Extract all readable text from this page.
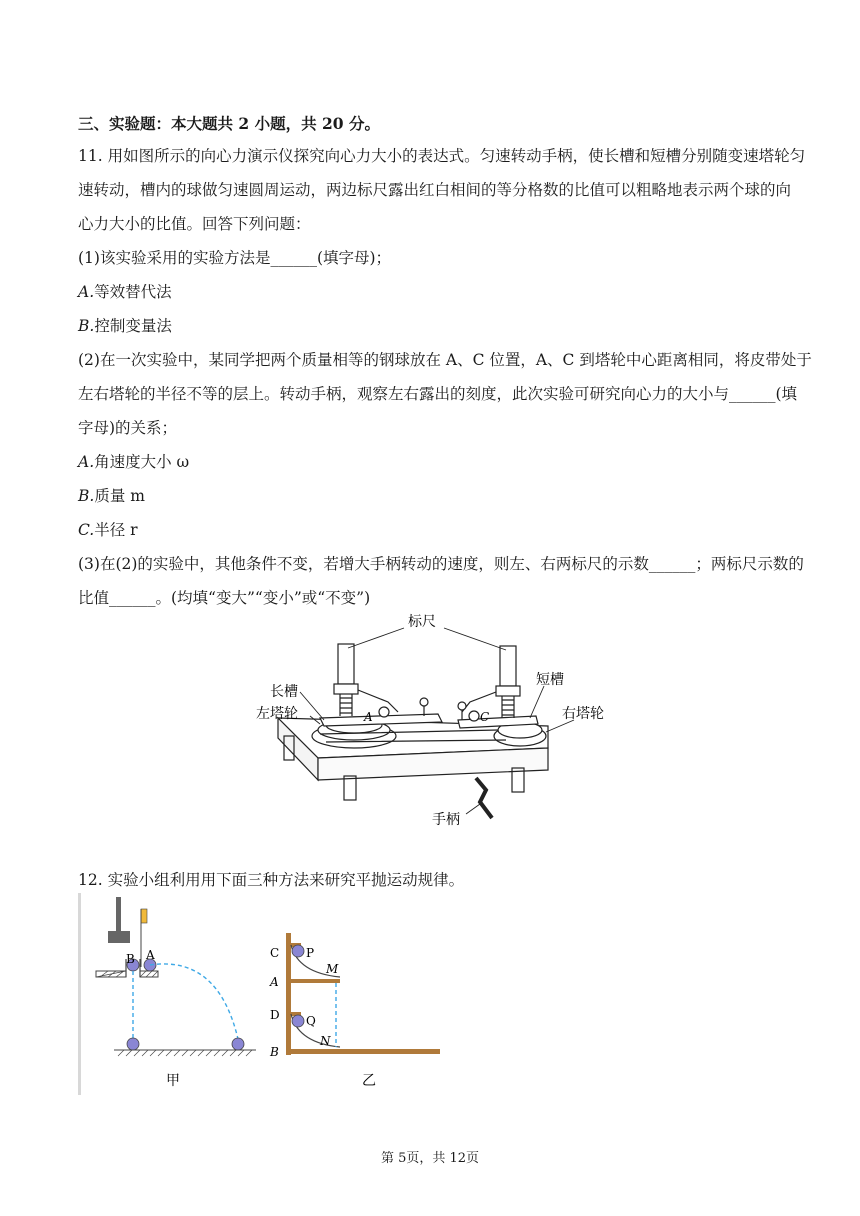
三、实验题：本大题共 2 小题，共 20 分。
11. 用如图所示的向心力演示仪探究向心力大小的表达式。匀速转动手柄，使长槽和短槽分别随变速塔轮匀
速转动，槽内的球做匀速圆周运动，两边标尺露出红白相间的等分格数的比值可以粗略地表示两个球的向
心力大小的比值。回答下列问题：
(1)该实验采用的实验方法是______(填字母)；
A.等效替代法
B.控制变量法
(2)在一次实验中，某同学把两个质量相等的钢球放在 A、C 位置，A、C 到塔轮中心距离相同，将皮带处于
左右塔轮的半径不等的层上。转动手柄，观察左右露出的刻度，此次实验可研究向心力的大小与______(填
字母)的关系；
A.角速度大小 ω
B.质量 m
C.半径 r
(3)在(2)的实验中，其他条件不变，若增大手柄转动的速度，则左、右两标尺的示数______；两标尺示数的
比值______。(均填“变大”“变小”或“不变”)
标尺
长槽
左塔轮
短槽
右塔轮
手柄
A	C
12. 实验小组利用用下面三种方法来研究平抛运动规律。
B A
甲
C P
M
A
D Q
N
B
乙
第 5页，共 12页
